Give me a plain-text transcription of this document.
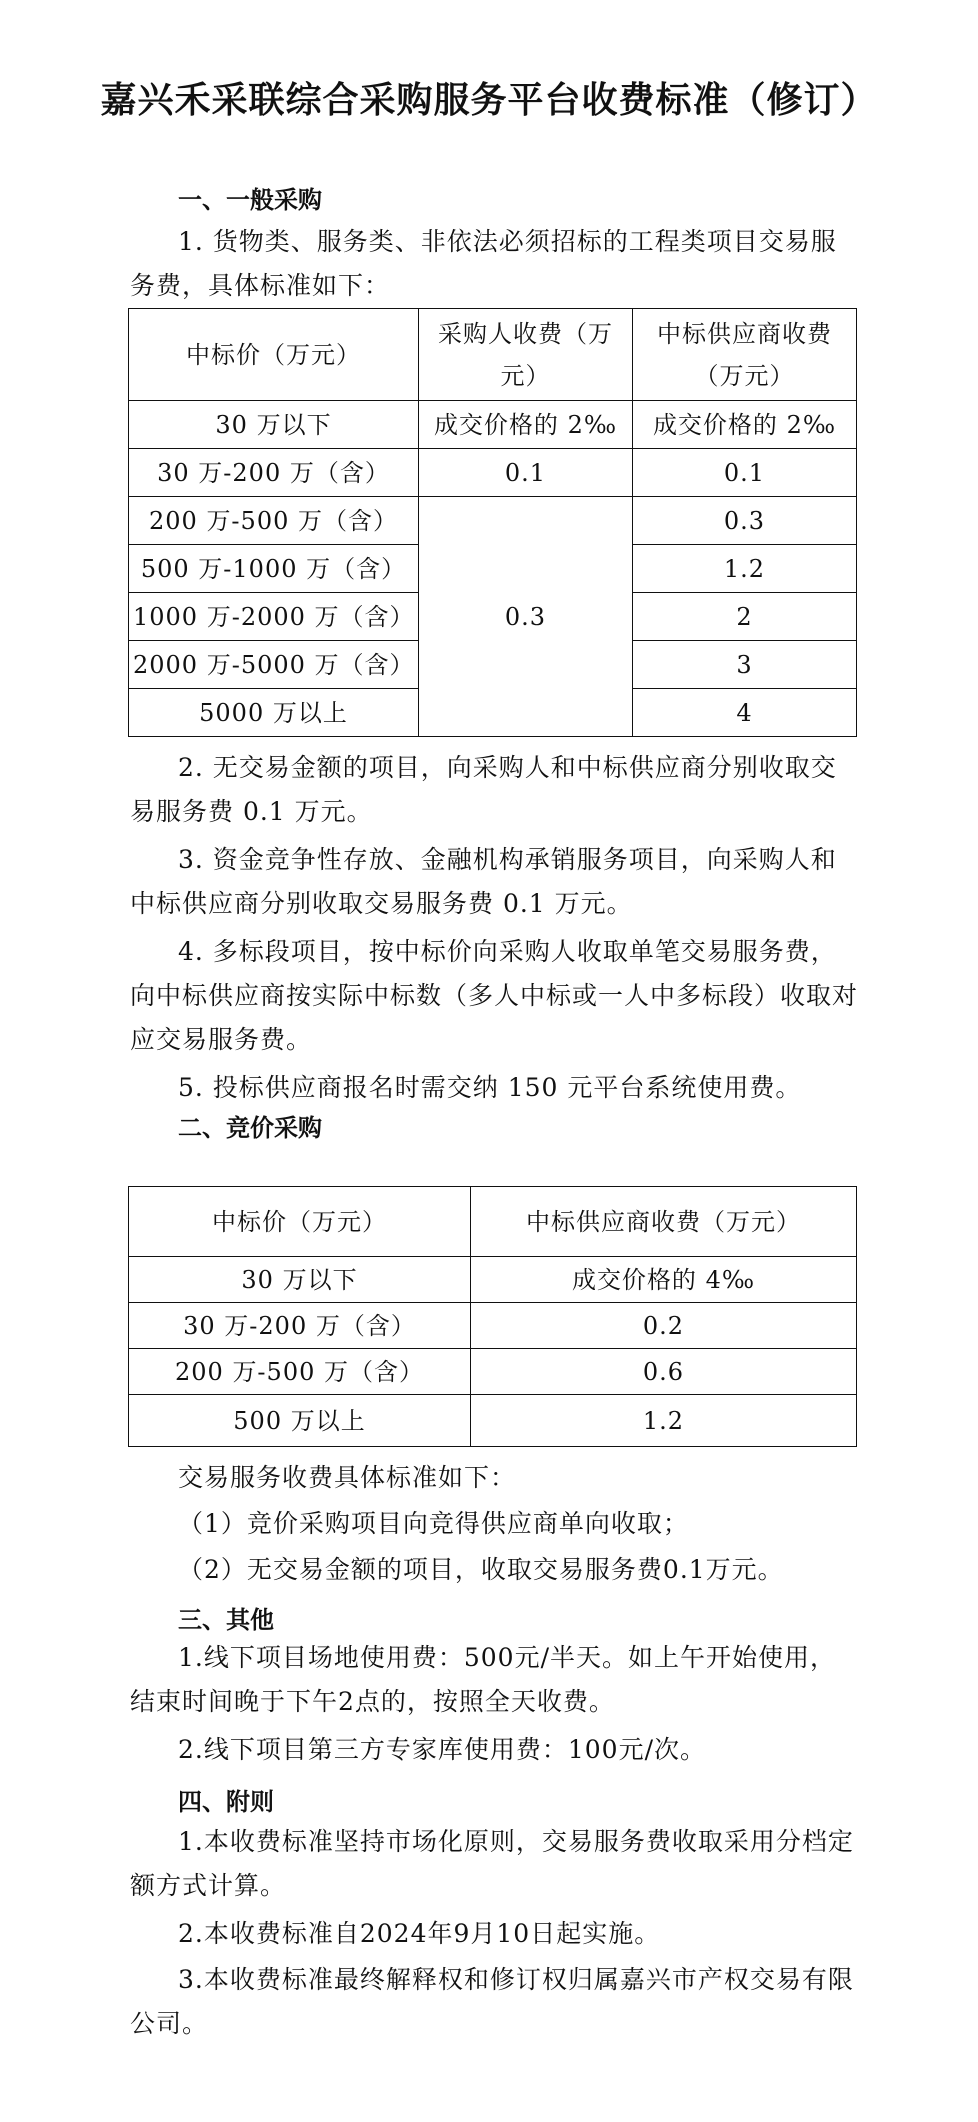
嘉兴禾采联综合采购服务平台收费标准（修订）
一、一般采购
1. 货物类、服务类、非依法必须招标的工程类项目交易服务费，具体标准如下：
中标价（万元）	采购人收费（万元）	中标供应商收费（万元）
30 万以下	成交价格的 2‰	成交价格的 2‰
30 万-200 万（含）	0.1	0.1
200 万-500 万（含）	0.3	0.3
500 万-1000 万（含）		1.2
1000 万-2000 万（含）		2
2000 万-5000 万（含）		3
5000 万以上		4
2. 无交易金额的项目，向采购人和中标供应商分别收取交易服务费 0.1 万元。
3. 资金竞争性存放、金融机构承销服务项目，向采购人和中标供应商分别收取交易服务费 0.1 万元。
4. 多标段项目，按中标价向采购人收取单笔交易服务费，向中标供应商按实际中标数（多人中标或一人中多标段）收取对应交易服务费。
5. 投标供应商报名时需交纳 150 元平台系统使用费。
二、竞价采购
中标价（万元）	中标供应商收费（万元）
30 万以下	成交价格的 4‰
30 万-200 万（含）	0.2
200 万-500 万（含）	0.6
500 万以上	1.2
交易服务收费具体标准如下：
（1）竞价采购项目向竞得供应商单向收取；
（2）无交易金额的项目，收取交易服务费0.1万元。
三、其他
1.线下项目场地使用费：500元/半天。如上午开始使用，结束时间晚于下午2点的，按照全天收费。
2.线下项目第三方专家库使用费：100元/次。
四、附则
1.本收费标准坚持市场化原则，交易服务费收取采用分档定额方式计算。
2.本收费标准自2024年9月10日起实施。
3.本收费标准最终解释权和修订权归属嘉兴市产权交易有限公司。
